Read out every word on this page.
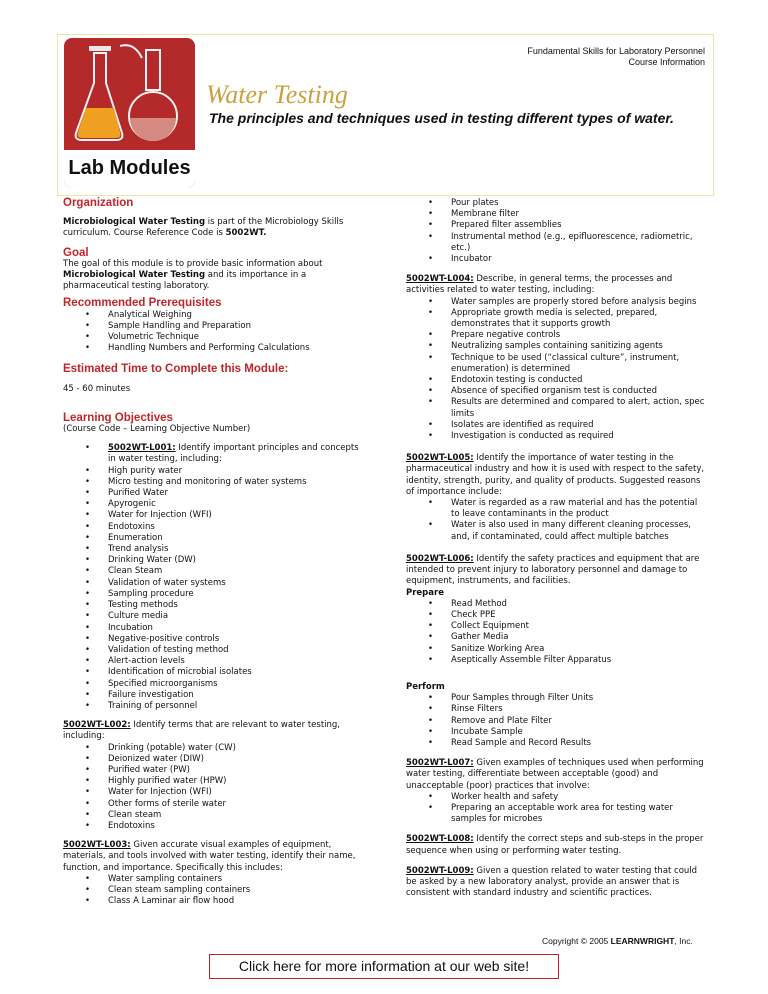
Lab Modules
Fundamental Skills for Laboratory Personnel
Course Information
Water Testing
The principles and techniques used in testing different types of water.
Organization

Microbiological Water Testing is part of the Microbiology Skills curriculum. Course Reference Code is 5002WT.

Goal

The goal of this module is to provide basic information about Microbiological Water Testing and its importance in a pharmaceutical testing laboratory.

Recommended Prerequisites
• Analytical Weighing
• Sample Handling and Preparation
• Volumetric Technique
• Handling Numbers and Performing Calculations
Estimated Time to Complete this Module:

45 - 60 minutes

Learning Objectives

(Course Code – Learning Objective Number)

• 5002WT-L001: Identify important principles and concepts in water testing, including:
• High purity water
• Micro testing and monitoring of water systems
• Purified Water
• Apyrogenic
• Water for Injection (WFI)
• Endotoxins
• Enumeration
• Trend analysis
• Drinking Water (DW)
• Clean Steam
• Validation of water systems
• Sampling procedure
• Testing methods
• Culture media
• Incubation
• Negative-positive controls
• Validation of testing method
• Alert-action levels
• Identification of microbial isolates
• Specified microorganisms
• Failure investigation
• Training of personnel

5002WT-L002: Identify terms that are relevant to water testing, including:

• Drinking (potable) water (CW)
• Deionized water (DIW)
• Purified water (PW)
• Highly purified water (HPW)
• Water for Injection (WFI)
• Other forms of sterile water
• Clean steam
• Endotoxins

5002WT-L003: Given accurate visual examples of equipment, materials, and tools involved with water testing, identify their name, function, and importance. Specifically this includes:

• Water sampling containers
• Clean steam sampling containers
• Class A Laminar air flow hood
• Pour plates
• Membrane filter
• Prepared filter assemblies
• Instrumental method (e.g., epifluorescence, radiometric, etc.)
• Incubator

5002WT-L004: Describe, in general terms, the processes and activities related to water testing, including:

• Water samples are properly stored before analysis begins
• Appropriate growth media is selected, prepared, demonstrates that it supports growth
• Prepare negative controls
• Neutralizing samples containing sanitizing agents
• Technique to be used (“classical culture”, instrument, enumeration) is determined
• Endotoxin testing is conducted
• Absence of specified organism test is conducted
• Results are determined and compared to alert, action, spec limits
• Isolates are identified as required
• Investigation is conducted as required

5002WT-L005: Identify the importance of water testing in the pharmaceutical industry and how it is used with respect to the safety, identity, strength, purity, and quality of products. Suggested reasons of importance include:

• Water is regarded as a raw material and has the potential to leave contaminants in the product
• Water is also used in many different cleaning processes, and, if contaminated, could affect multiple batches

5002WT-L006: Identify the safety practices and equipment that are intended to prevent injury to laboratory personnel and damage to equipment, instruments, and facilities.

Prepare

• Read Method
• Check PPE
• Collect Equipment
• Gather Media
• Sanitize Working Area
• Aseptically Assemble Filter Apparatus

Perform

• Pour Samples through Filter Units
• Rinse Filters
• Remove and Plate Filter
• Incubate Sample
• Read Sample and Record Results

5002WT-L007: Given examples of techniques used when performing water testing, differentiate between acceptable (good) and unacceptable (poor) practices that involve:

• Worker health and safety
• Preparing an acceptable work area for testing water samples for microbes

5002WT-L008: Identify the correct steps and sub-steps in the proper sequence when using or performing water testing.

5002WT-L009: Given a question related to water testing that could be asked by a new laboratory analyst, provide an answer that is consistent with standard industry and scientific practices.

Copyright © 2005 LEARNWRIGHT, Inc.
Click here for more information at our web site!
